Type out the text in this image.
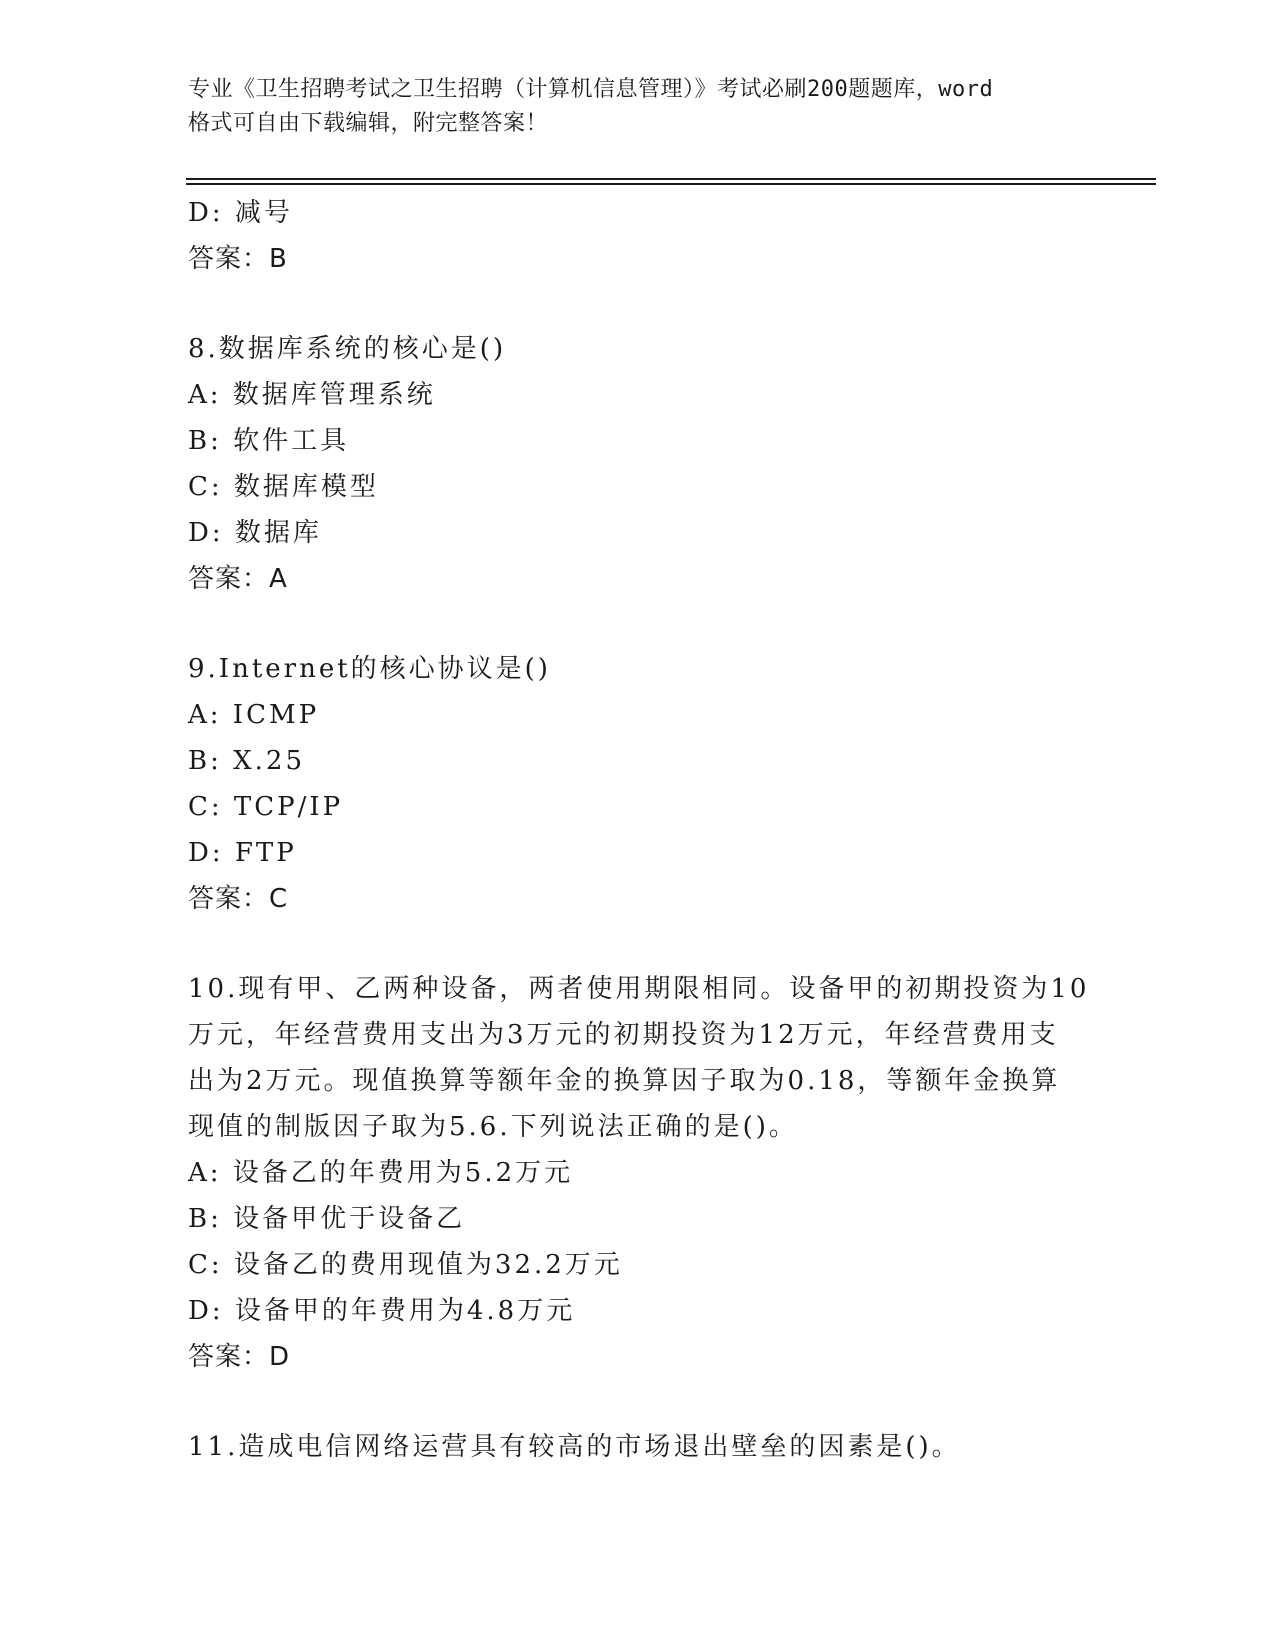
专业《卫生招聘考试之卫生招聘（计算机信息管理）》考试必刷200题题库，word
格式可自由下载编辑，附完整答案！
D: 减号
答案：B
8.数据库系统的核心是()
A: 数据库管理系统
B: 软件工具
C: 数据库模型
D: 数据库
答案：A
9.Internet的核心协议是()
A: ICMP
B: X.25
C: TCP/IP
D: FTP
答案：C
10.现有甲、乙两种设备，两者使用期限相同。设备甲的初期投资为10
万元，年经营费用支出为3万元的初期投资为12万元，年经营费用支
出为2万元。现值换算等额年金的换算因子取为0.18，等额年金换算
现值的制版因子取为5.6.下列说法正确的是()。
A: 设备乙的年费用为5.2万元
B: 设备甲优于设备乙
C: 设备乙的费用现值为32.2万元
D: 设备甲的年费用为4.8万元
答案：D
11.造成电信网络运营具有较高的市场退出壁垒的因素是()。
